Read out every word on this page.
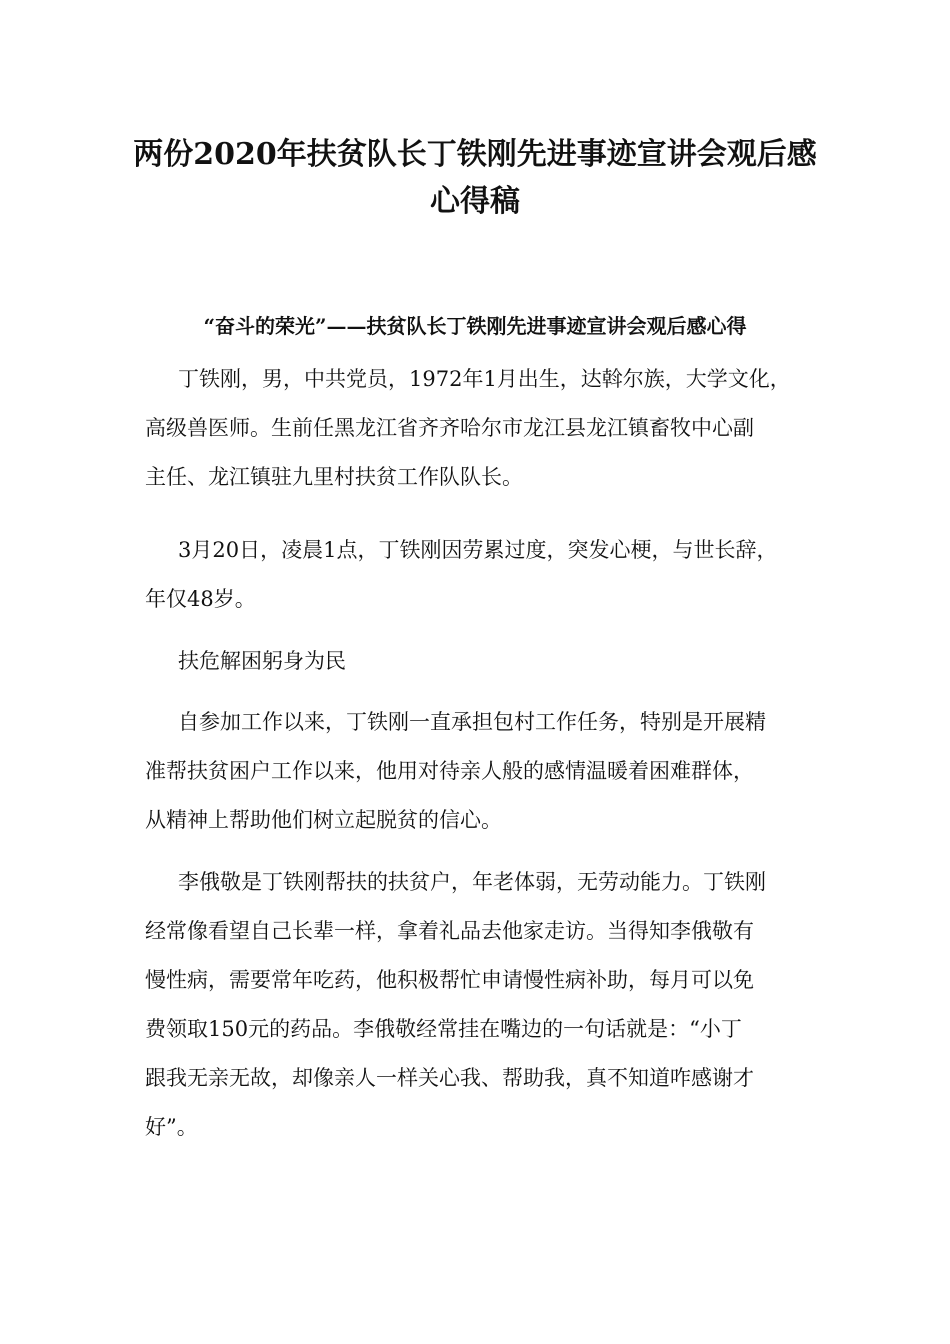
两份2020年扶贫队长丁铁刚先进事迹宣讲会观后感
心得稿
“奋斗的荣光”——扶贫队长丁铁刚先进事迹宣讲会观后感心得
丁铁刚，男，中共党员，1972年1月出生，达斡尔族，大学文化，
高级兽医师。生前任黑龙江省齐齐哈尔市龙江县龙江镇畜牧中心副
主任、龙江镇驻九里村扶贫工作队队长。
3月20日，凌晨1点，丁铁刚因劳累过度，突发心梗，与世长辞，
年仅48岁。
扶危解困躬身为民
自参加工作以来，丁铁刚一直承担包村工作任务，特别是开展精
准帮扶贫困户工作以来，他用对待亲人般的感情温暖着困难群体，
从精神上帮助他们树立起脱贫的信心。
李俄敬是丁铁刚帮扶的扶贫户，年老体弱，无劳动能力。丁铁刚
经常像看望自己长辈一样，拿着礼品去他家走访。当得知李俄敬有
慢性病，需要常年吃药，他积极帮忙申请慢性病补助，每月可以免
费领取150元的药品。李俄敬经常挂在嘴边的一句话就是：“小丁
跟我无亲无故，却像亲人一样关心我、帮助我，真不知道咋感谢才
好”。
